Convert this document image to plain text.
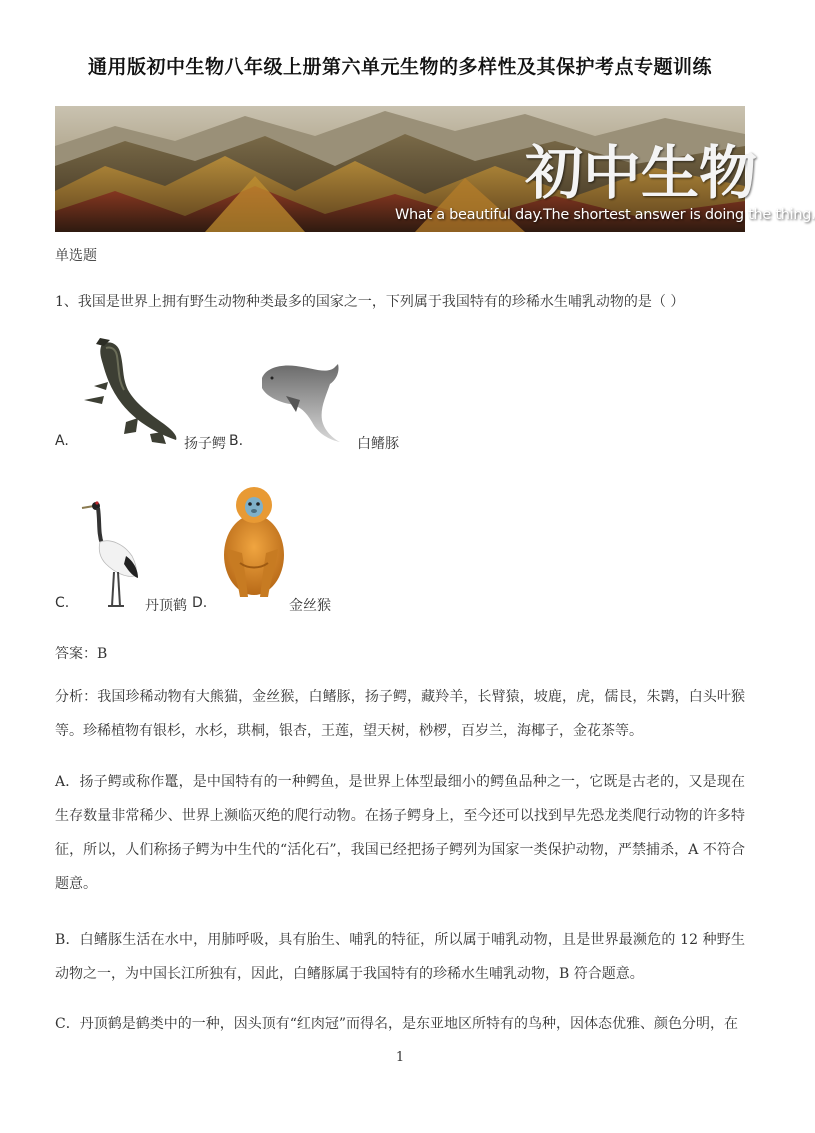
通用版初中生物八年级上册第六单元生物的多样性及其保护考点专题训练
初 中 生 物
What a beautiful day.The shortest answer is doing the thing.
单选题
1、我国是世界上拥有野生动物种类最多的国家之一，下列属于我国特有的珍稀水生哺乳动物的是（ ）
A.	扬子鳄 B.	白鳍豚
C.	丹顶鹤 D.	金丝猴
答案：B
分析：我国珍稀动物有大熊猫，金丝猴，白鳍豚，扬子鳄，藏羚羊，长臂猿，坡鹿，虎，儒艮，朱鹮，白头叶猴等。珍稀植物有银杉，水杉，珙桐，银杏，王莲，望天树，桫椤，百岁兰，海椰子，金花茶等。
A．扬子鳄或称作鼍，是中国特有的一种鳄鱼，是世界上体型最细小的鳄鱼品种之一，它既是古老的，又是现在生存数量非常稀少、世界上濒临灭绝的爬行动物。在扬子鳄身上，至今还可以找到早先恐龙类爬行动物的许多特征，所以，人们称扬子鳄为中生代的“活化石”，我国已经把扬子鳄列为国家一类保护动物，严禁捕杀，A 不符合题意。
B．白鳍豚生活在水中，用肺呼吸，具有胎生、哺乳的特征，所以属于哺乳动物，且是世界最濒危的 12 种野生动物之一，为中国长江所独有，因此，白鳍豚属于我国特有的珍稀水生哺乳动物，B 符合题意。
C．丹顶鹤是鹤类中的一种，因头顶有“红肉冠”而得名，是东亚地区所特有的鸟种，因体态优雅、颜色分明，在
1
